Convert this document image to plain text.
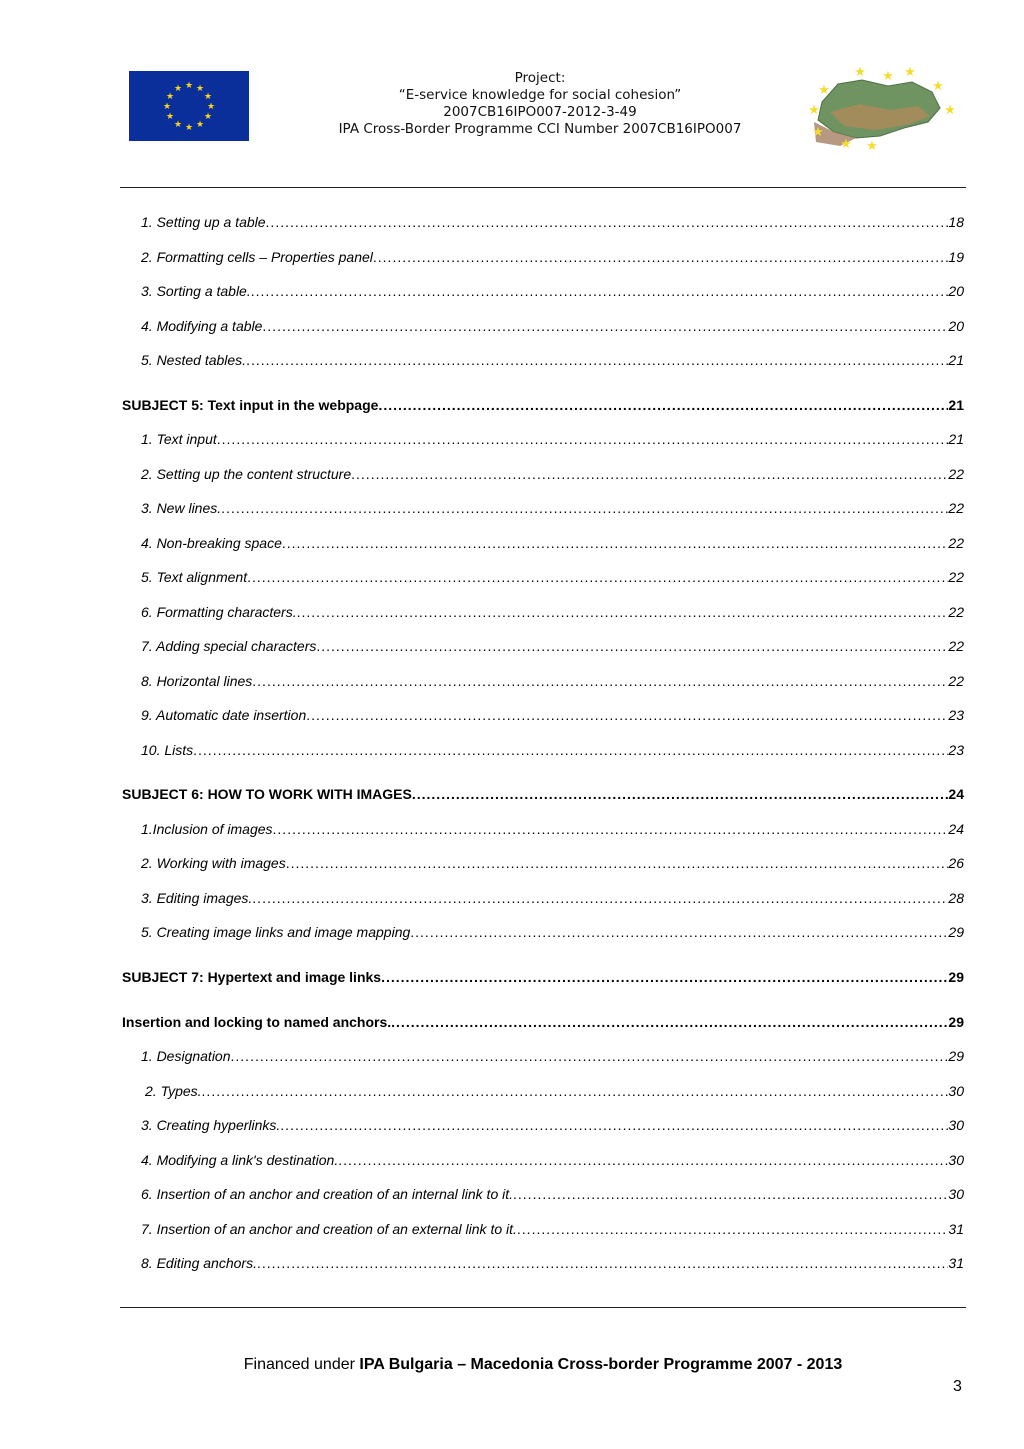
★ ★
★
★
★
★
★
★
★
★
★
★
Project:
“E-service knowledge for social cohesion”
2007CB16IPO007-2012-3-49
IPA Cross-Border Programme CCI Number 2007CB16IPO007
★
★ ★ ★
★
★
★
★
★ ★
1. Setting up a table .....	18
2. Formatting cells – Properties panel .....	19
3. Sorting a table. .....	20
4. Modifying a table .....	20
5. Nested tables. .....	21
SUBJECT 5: Text input in the webpage .....	21
1. Text input .....	21
2. Setting up the content structure .....	22
3. New lines. .....	22
4. Non-breaking space .....	22
5. Text alignment .....	22
6. Formatting characters. .....	22
7. Adding special characters .....	22
8. Horizontal lines .....	22
9. Automatic date insertion .....	23
10. Lists .....	23
SUBJECT 6: HOW TO WORK WITH IMAGES .....	24
1.Inclusion of images .....	24
2. Working with images .....	26
3. Editing images. .....	28
5. Creating image links and image mapping .....	29
SUBJECT 7: Hypertext and image links .....	29
Insertion and locking to named anchors. .....	29
1. Designation .....	29
2. Types. .....	30
3. Creating hyperlinks. .....	30
4. Modifying a link's destination. .....	30
6. Insertion of an anchor and creation of an internal link to it. .....	30
7. Insertion of an anchor and creation of an external link to it. .....	31
8. Editing anchors. .....	31
Financed under IPA Bulgaria – Macedonia Cross-border Programme 2007 - 2013
3
